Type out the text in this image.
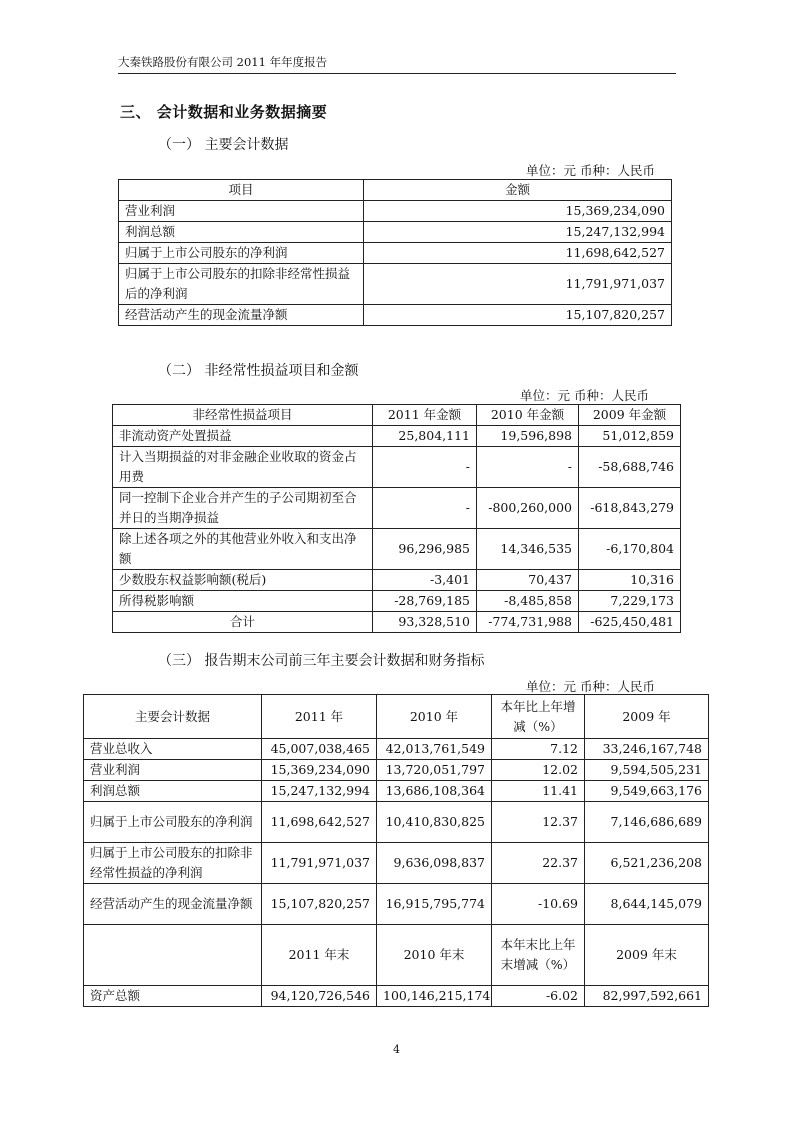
大秦铁路股份有限公司 2011 年年度报告
三、 会计数据和业务数据摘要
（一） 主要会计数据
单位：元 币种：人民币
项目	金额
营业利润	15,369,234,090
利润总额	15,247,132,994
归属于上市公司股东的净利润	11,698,642,527
归属于上市公司股东的扣除非经常性损益后的净利润	11,791,971,037
经营活动产生的现金流量净额	15,107,820,257
（二） 非经常性损益项目和金额
单位：元 币种：人民币
非经常性损益项目	2011 年金额	2010 年金额	2009 年金额
非流动资产处置损益	25,804,111	19,596,898	51,012,859
计入当期损益的对非金融企业收取的资金占用费	-	-	-58,688,746
同一控制下企业合并产生的子公司期初至合并日的当期净损益	-	-800,260,000	-618,843,279
除上述各项之外的其他营业外收入和支出净额	96,296,985	14,346,535	-6,170,804
少数股东权益影响额(税后)	-3,401	70,437	10,316
所得税影响额	-28,769,185	-8,485,858	7,229,173
合计	93,328,510	-774,731,988	-625,450,481
（三） 报告期末公司前三年主要会计数据和财务指标
单位：元 币种：人民币
主要会计数据	2011 年	2010 年	本年比上年增减（%）	2009 年
营业总收入	45,007,038,465	42,013,761,549	7.12	33,246,167,748
营业利润	15,369,234,090	13,720,051,797	12.02	9,594,505,231
利润总额	15,247,132,994	13,686,108,364	11.41	9,549,663,176
归属于上市公司股东的净利润	11,698,642,527	10,410,830,825	12.37	7,146,686,689
归属于上市公司股东的扣除非经常性损益的净利润	11,791,971,037	9,636,098,837	22.37	6,521,236,208
经营活动产生的现金流量净额	15,107,820,257	16,915,795,774	-10.69	8,644,145,079
	2011 年末	2010 年末	本年末比上年末增减（%）	2009 年末
资产总额	94,120,726,546	100,146,215,174	-6.02	82,997,592,661
4
